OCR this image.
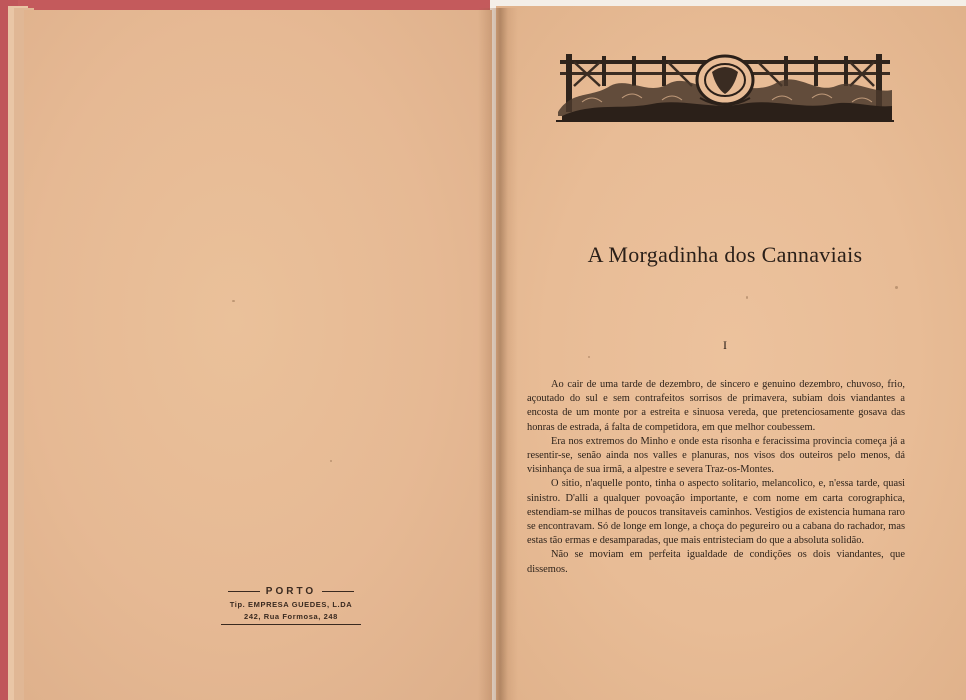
PORTO
Tip. EMPRESA GUEDES, L.DA
242, Rua Formosa, 248
A Morgadinha dos Cannaviais
I

Ao cair de uma tarde de dezembro, de sincero e genuino dezembro, chuvoso, frio, açoutado do sul e sem contrafeitos sorrisos de primavera, subiam dois viandantes a encosta de um monte por a estreita e sinuosa vereda, que pretenciosamente gosava das honras de estrada, á falta de competidora, em que melhor coubessem.

Era nos extremos do Minho e onde esta risonha e feracissima provincia começa já a resentir-se, senão ainda nos valles e planuras, nos visos dos outeiros pelo menos, dá visinhança de sua irmã, a alpestre e severa Traz-os-Montes.

O sitio, n'aquelle ponto, tinha o aspecto solitario, melancolico, e, n'essa tarde, quasi sinistro. D'alli a qualquer povoação importante, e com nome em carta corographica, estendiam-se milhas de poucos transitaveis caminhos. Vestigios de existencia humana raro se encontravam. Só de longe em longe, a choça do pegureiro ou a cabana do rachador, mas estas tão ermas e desamparadas, que mais entristeciam do que a absoluta solidão.

Não se moviam em perfeita igualdade de condições os dois viandantes, que dissemos.
